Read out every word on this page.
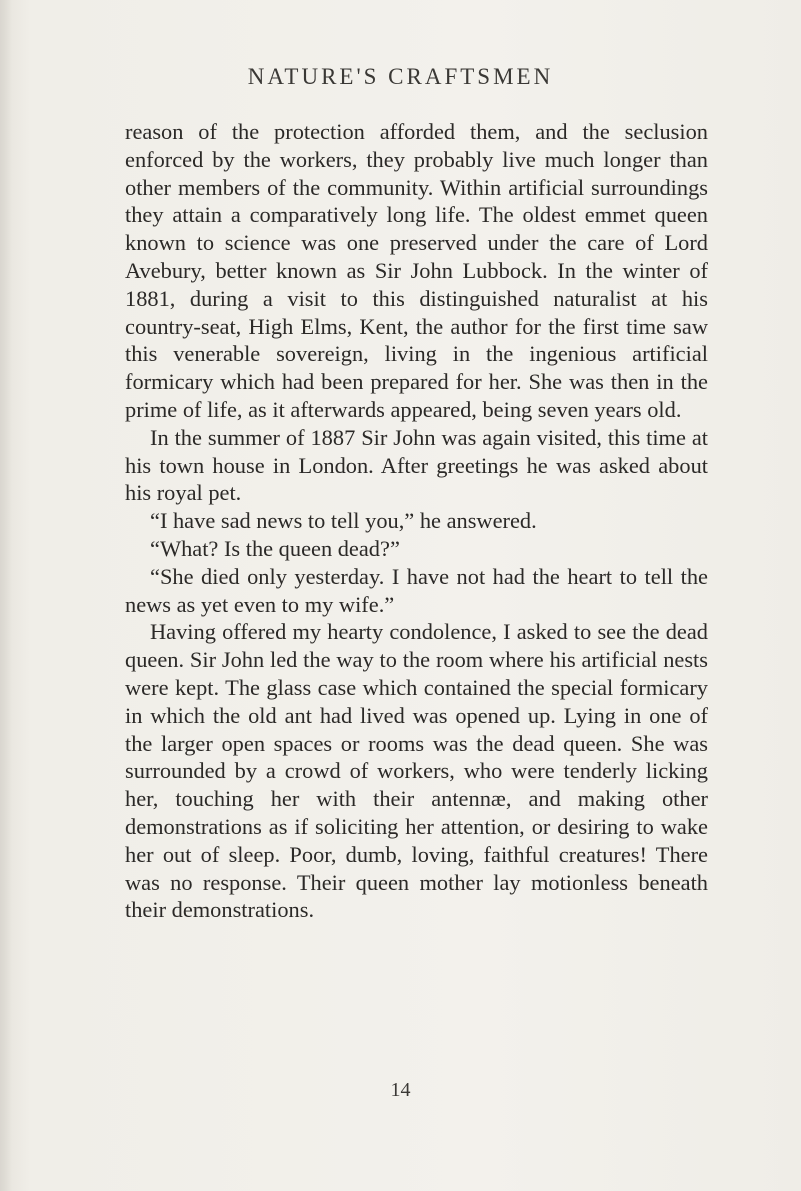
NATURE'S CRAFTSMEN

reason of the protection afforded them, and the seclusion enforced by the workers, they probably live much longer than other members of the community. Within artificial surroundings they attain a comparatively long life. The oldest emmet queen known to science was one preserved under the care of Lord Avebury, better known as Sir John Lubbock. In the winter of 1881, during a visit to this distinguished naturalist at his country-seat, High Elms, Kent, the author for the first time saw this venerable sovereign, living in the ingenious artificial formicary which had been prepared for her. She was then in the prime of life, as it afterwards appeared, being seven years old.

In the summer of 1887 Sir John was again visited, this time at his town house in London. After greetings he was asked about his royal pet.

“I have sad news to tell you,” he answered.

“What? Is the queen dead?”

“She died only yesterday. I have not had the heart to tell the news as yet even to my wife.”

Having offered my hearty condolence, I asked to see the dead queen. Sir John led the way to the room where his artificial nests were kept. The glass case which contained the special formicary in which the old ant had lived was opened up. Lying in one of the larger open spaces or rooms was the dead queen. She was surrounded by a crowd of workers, who were tenderly licking her, touching her with their antennæ, and making other demonstrations as if soliciting her attention, or desiring to wake her out of sleep. Poor, dumb, loving, faithful creatures! There was no response. Their queen mother lay motionless beneath their demonstrations.

14
